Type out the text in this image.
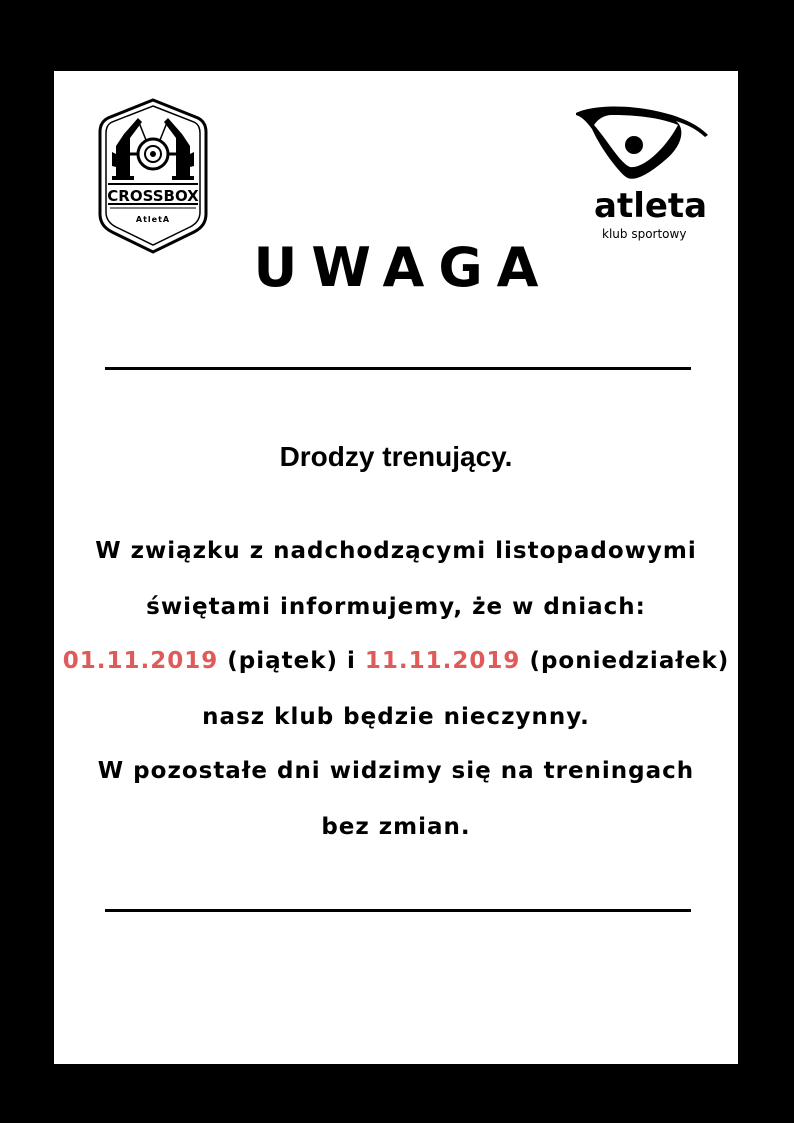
CROSSBOX
AtletA	atleta
klub sportowy
UWAGA
Drodzy trenujący.
W związku z nadchodzącymi listopadowymi
świętami informujemy, że w dniach:
01.11.2019 (piątek) i 11.11.2019 (poniedziałek)
nasz klub będzie nieczynny.
W pozostałe dni widzimy się na treningach
bez zmian.
